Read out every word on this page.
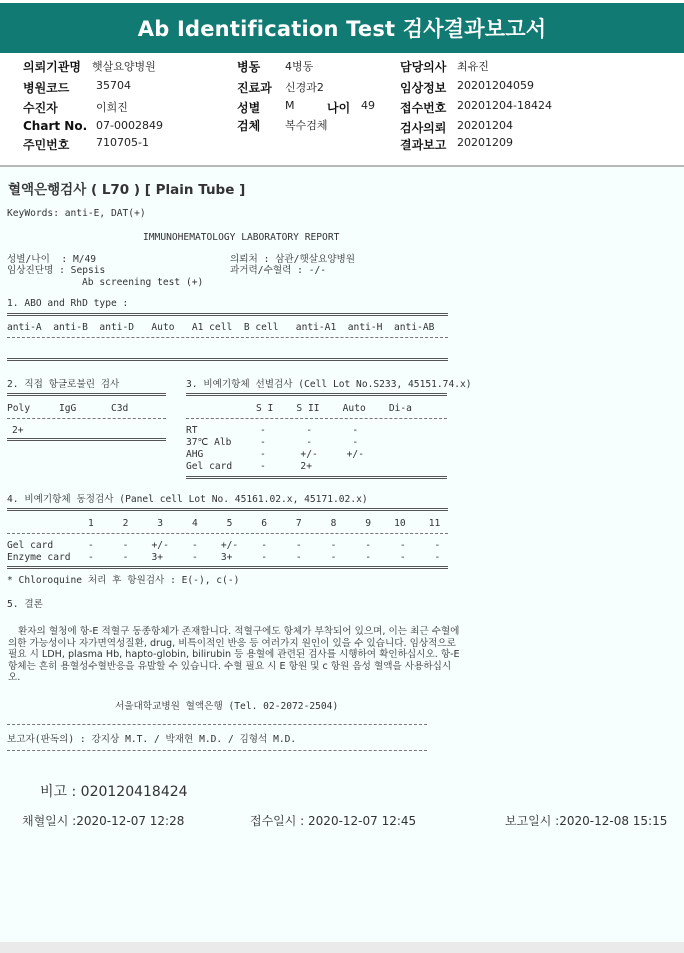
Ab Identification Test 검사결과보고서
의뢰기관명 햇살요양병원	병동 4병동	담당의사 최유진
병원코드 35704	진료과 신경과2	임상정보 20201204059
수진자	이희진	성별 M	나이 49 접수번호 20201204-18424
Chart No. 07-0002849	검체 복수검체	검사의뢰 20201204
주민번호 710705-1	결과보고 20201209
혈액은행검사 ( L70 ) [ Plain Tube ]
KeyWords: anti-E, DAT(+)
IMMUNOHEMATOLOGY LABORATORY REPORT
성별/나이  : M/49
임상진단명 : Sepsis
Ab screening test (+)
의뢰처 : 삼관/햇살요양병원
과거력/수혈력 : -/-
1. ABO and RhD type :
anti-A  anti-B  anti-D   Auto   A1 cell  B cell   anti-A1  anti-H  anti-AB
2. 직접 항글로불린 검사
Poly     IgG      C3d
2+
3. 비예기항체 선별검사 (Cell Lot No.S233, 45151.74.x)
S I    S II    Auto    Di-a
RT	-       -       -
37℃ Alb	-       -       -
AHG	-      +/-     +/-
Gel card	-      2+
4. 비예기항체 동정검사 (Panel cell Lot No. 45161.02.x, 45171.02.x)
1     2     3     4     5     6     7     8     9    10    11
Gel card	-     -    +/-    -    +/-    -     -     -     -     -     -
Enzyme card -     -    3+     -    3+     -     -     -     -     -     -
* Chloroquine 처리 후 항원검사 : E(-), c(-)
5. 결론
환자의 혈청에 항-E 적혈구 동종항체가 존재합니다. 적혈구에도 항체가 부착되어 있으며, 이는 최근 수혈에 의한 가능성이나 자가면역성질환, drug, 비특이적인 반응 등 여러가지 원인이 있을 수 있습니다. 임상적으로 필요 시 LDH, plasma Hb, hapto-globin, bilirubin 등 용혈에 관련된 검사를 시행하여 확인하십시오. 항-E 항체는 흔히 용혈성수혈반응을 유발할 수 있습니다. 수혈 필요 시 E 항원 및 c 항원 음성 혈액을 사용하십시오.
서울대학교병원 혈액은행 (Tel. 02-2072-2504)
보고자(판독의) : 강지상 M.T. / 박재현 M.D. / 김형석 M.D.
비고 : 020120418424
채혈일시 :2020-12-07 12:28	접수일시 : 2020-12-07 12:45	보고일시 :2020-12-08 15:15
